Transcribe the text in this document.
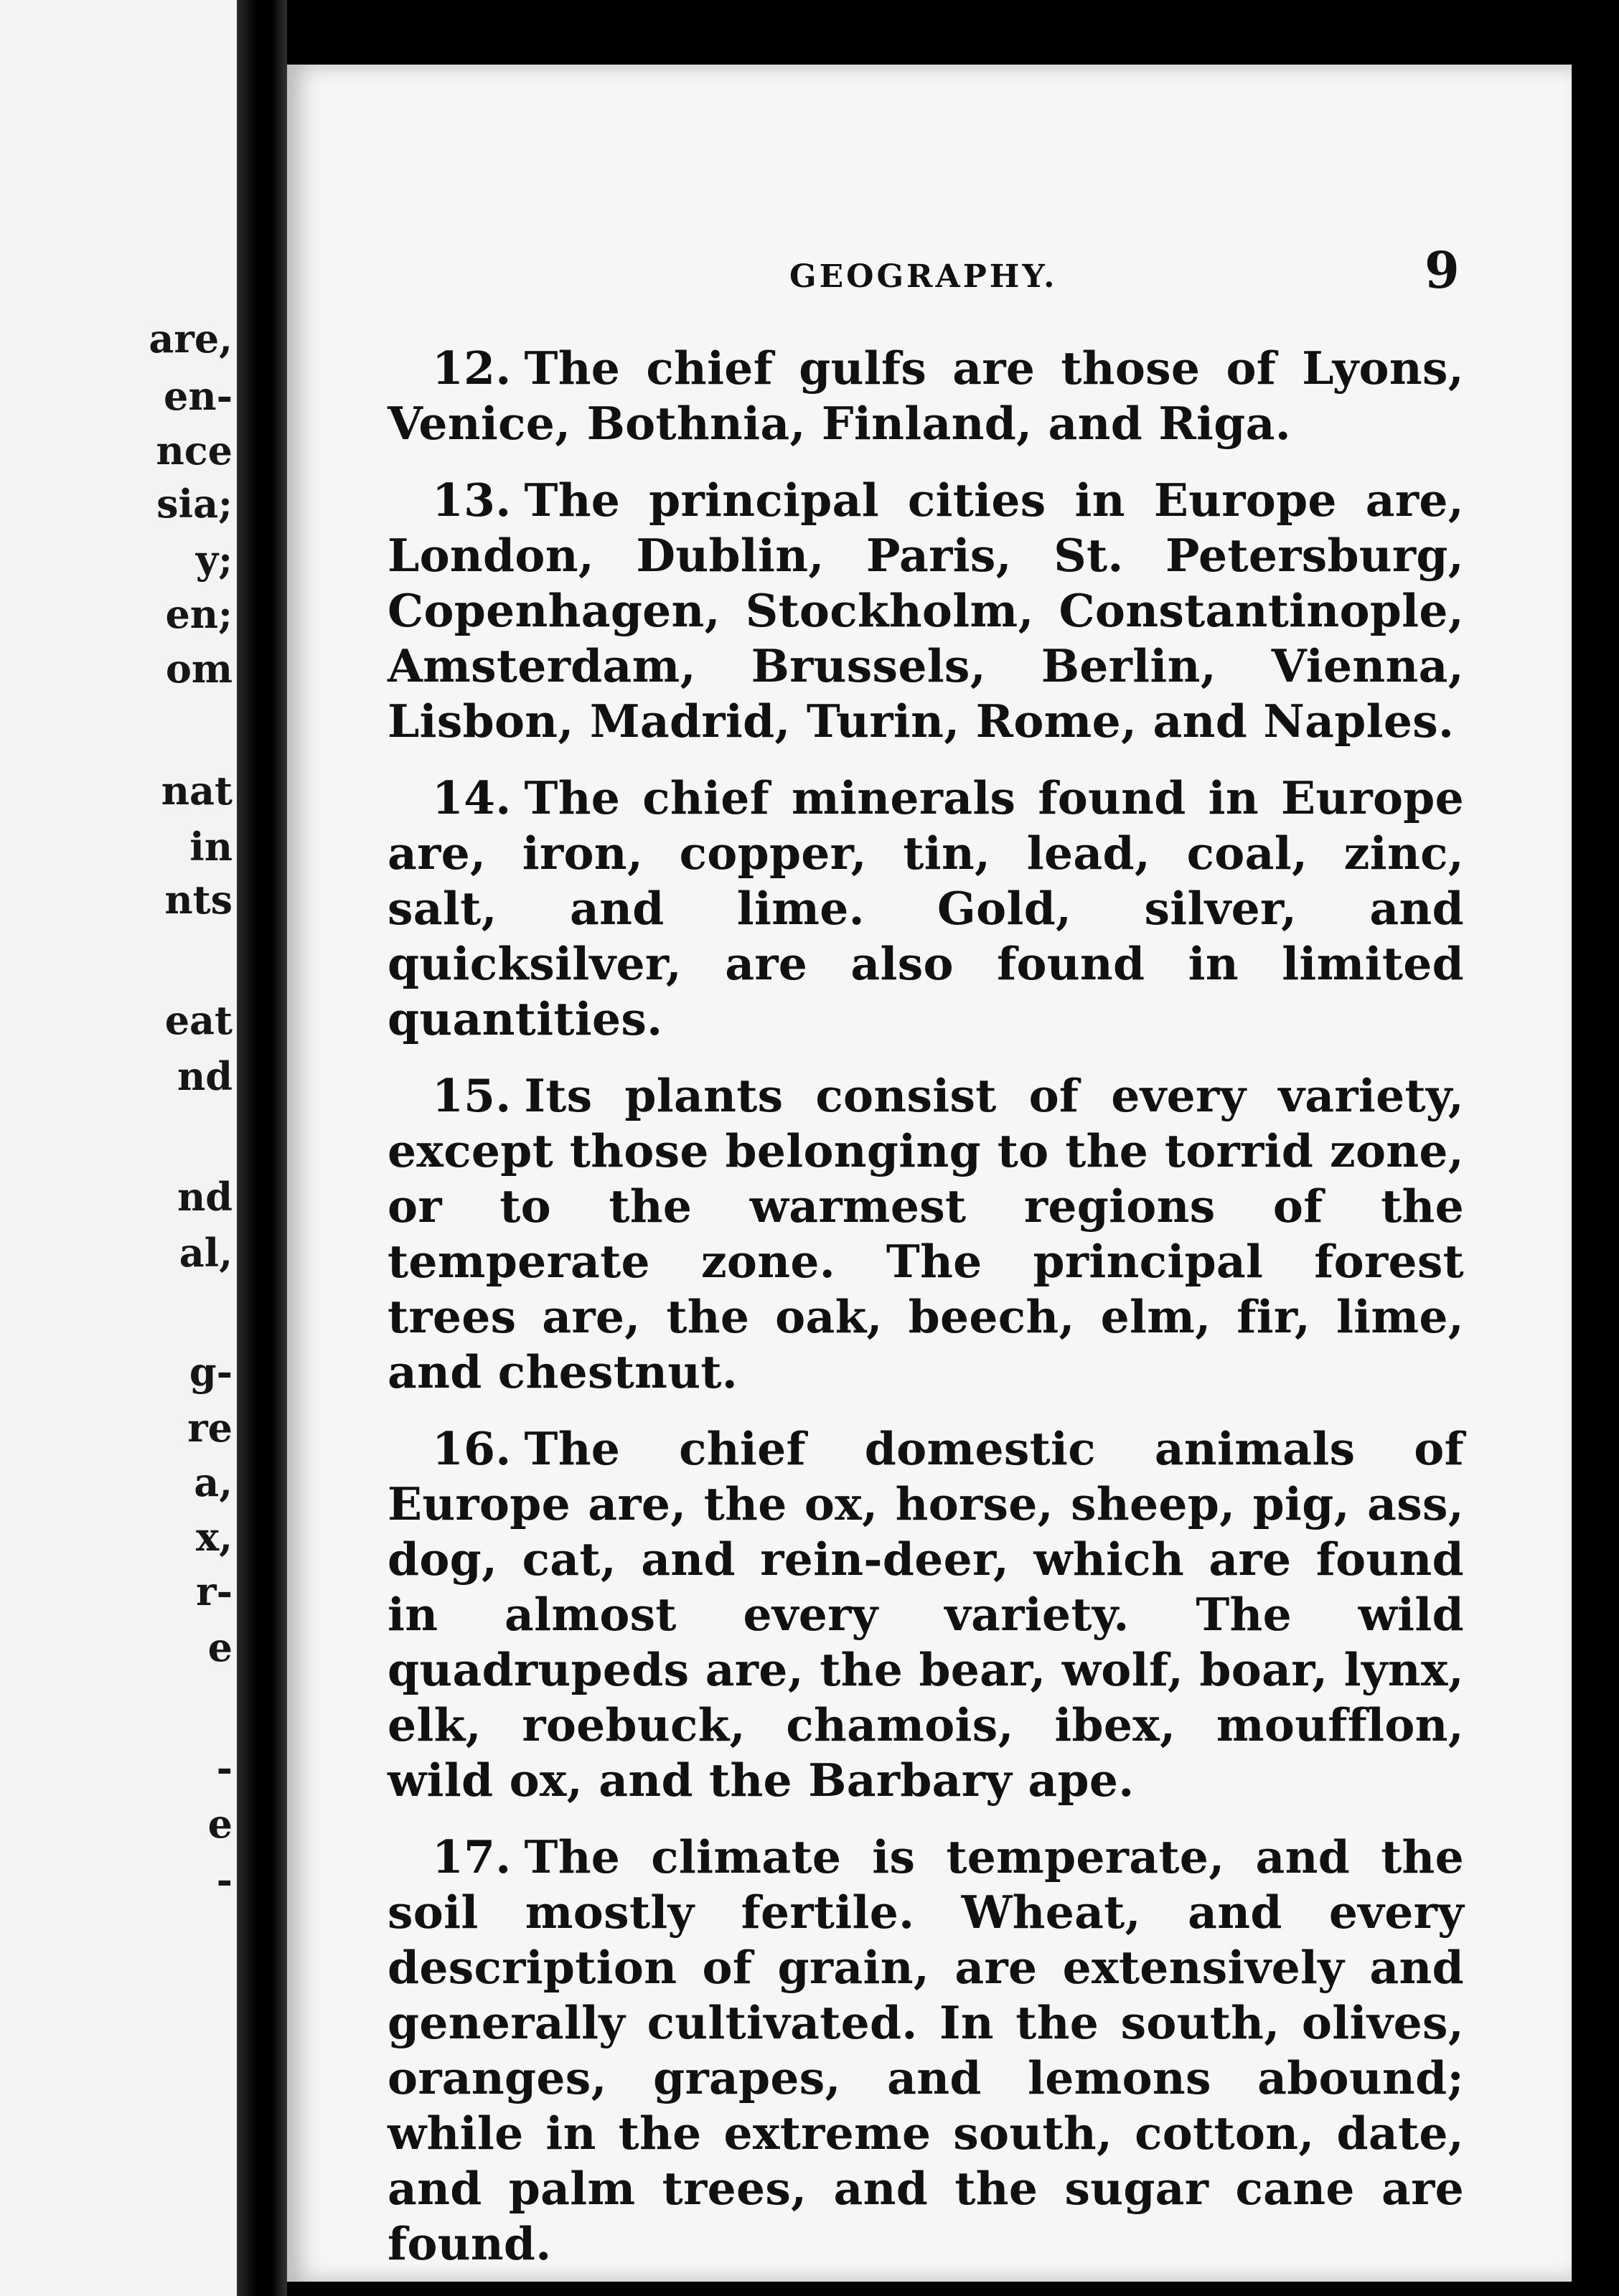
are,
en-
nce
sia;
y;
en;
om
nat
in
nts
eat
nd
nd
al,
g-
re
a,
x,
r-
e
-
e
-
GEOGRAPHY.	9

12. The chief gulfs are those of Lyons, Venice, Bothnia, Finland, and Riga.

13. The principal cities in Europe are, London, Dublin, Paris, St. Petersburg, Copenhagen, Stockholm, Constantinople, Amsterdam, Brussels, Berlin, Vienna, Lisbon, Madrid, Turin, Rome, and Naples.

14. The chief minerals found in Europe are, iron, copper, tin, lead, coal, zinc, salt, and lime. Gold, silver, and quicksilver, are also found in limited quantities.

15. Its plants consist of every variety, except those belonging to the torrid zone, or to the warmest regions of the temperate zone. The principal forest trees are, the oak, beech, elm, fir, lime, and chestnut.

16. The chief domestic animals of Europe are, the ox, horse, sheep, pig, ass, dog, cat, and rein-deer, which are found in almost every variety. The wild quadrupeds are, the bear, wolf, boar, lynx, elk, roebuck, chamois, ibex, moufflon, wild ox, and the Barbary ape.

17. The climate is temperate, and the soil mostly fertile. Wheat, and every description of grain, are extensively and generally cultivated. In the south, olives, oranges, grapes, and lemons abound; while in the extreme south, cotton, date, and palm trees, and the sugar cane are found.
